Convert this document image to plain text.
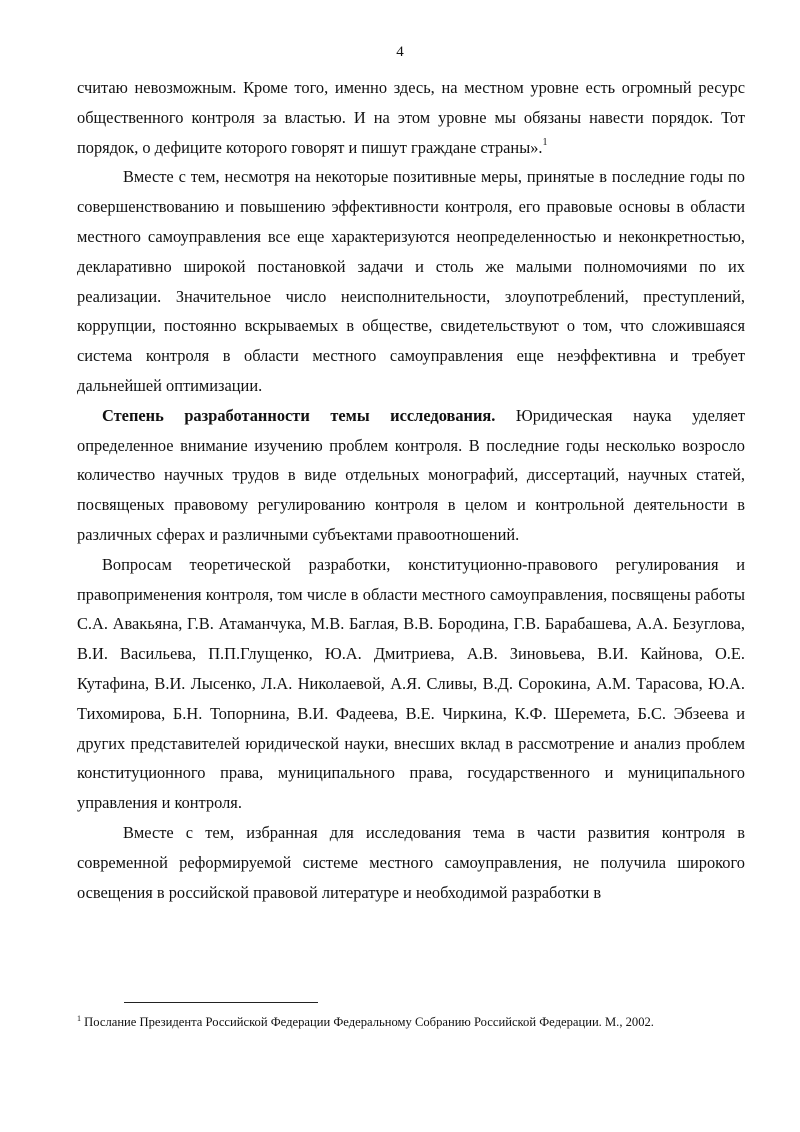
4

считаю невозможным. Кроме того, именно здесь, на местном уровне есть огромный ресурс общественного контроля за властью. И на этом уровне мы обязаны навести порядок. Тот порядок, о дефиците которого говорят и пишут граждане страны».$^1$

Вместе с тем, несмотря на некоторые позитивные меры, принятые в последние годы по совершенствованию и повышению эффективности контроля, его правовые основы в области местного самоуправления все еще характеризуются неопределенностью и неконкретностью, декларативно широкой постановкой задачи и столь же малыми полномочиями по их реализации. Значительное число неисполнительности, злоупотреблений, преступлений, коррупции, постоянно вскрываемых в обществе, свидетельствуют о том, что сложившаяся система контроля в области местного самоуправления еще неэффективна и требует дальнейшей оптимизации.

Степень разработанности темы исследования. Юридическая наука уделяет определенное внимание изучению проблем контроля. В последние годы несколько возросло количество научных трудов в виде отдельных монографий, диссертаций, научных статей, посвященых правовому регулированию контроля в целом и контрольной деятельности в различных сферах и различными субъектами правоотношений.

Вопросам теоретической разработки, конституционно-правового регулирования и правоприменения контроля, том числе в области местного самоуправления, посвящены работы С.А. Авакьяна, Г.В. Атаманчука, М.В. Баглая, В.В. Бородина, Г.В. Барабашева, А.А. Безуглова, В.И. Васильева, П.П.Глущенко, Ю.А. Дмитриева, А.В. Зиновьева, В.И. Кайнова, О.Е. Кутафина, В.И. Лысенко, Л.А. Николаевой, А.Я. Сливы, В.Д. Сорокина, А.М. Тарасова, Ю.А. Тихомирова, Б.Н. Топорнина, В.И. Фадеева, В.Е. Чиркина, К.Ф. Шеремета, Б.С. Эбзеева и других представителей юридической науки, внесших вклад в рассмотрение и анализ проблем конституционного права, муниципального права, государственного и муниципального управления и контроля.

Вместе с тем, избранная для исследования тема в части развития контроля в современной реформируемой системе местного самоуправления, не получила широкого освещения в российской правовой литературе и необходимой разработки в

$^1$ Послание Президента Российской Федерации Федеральному Собранию Российской Федерации. М., 2002.
